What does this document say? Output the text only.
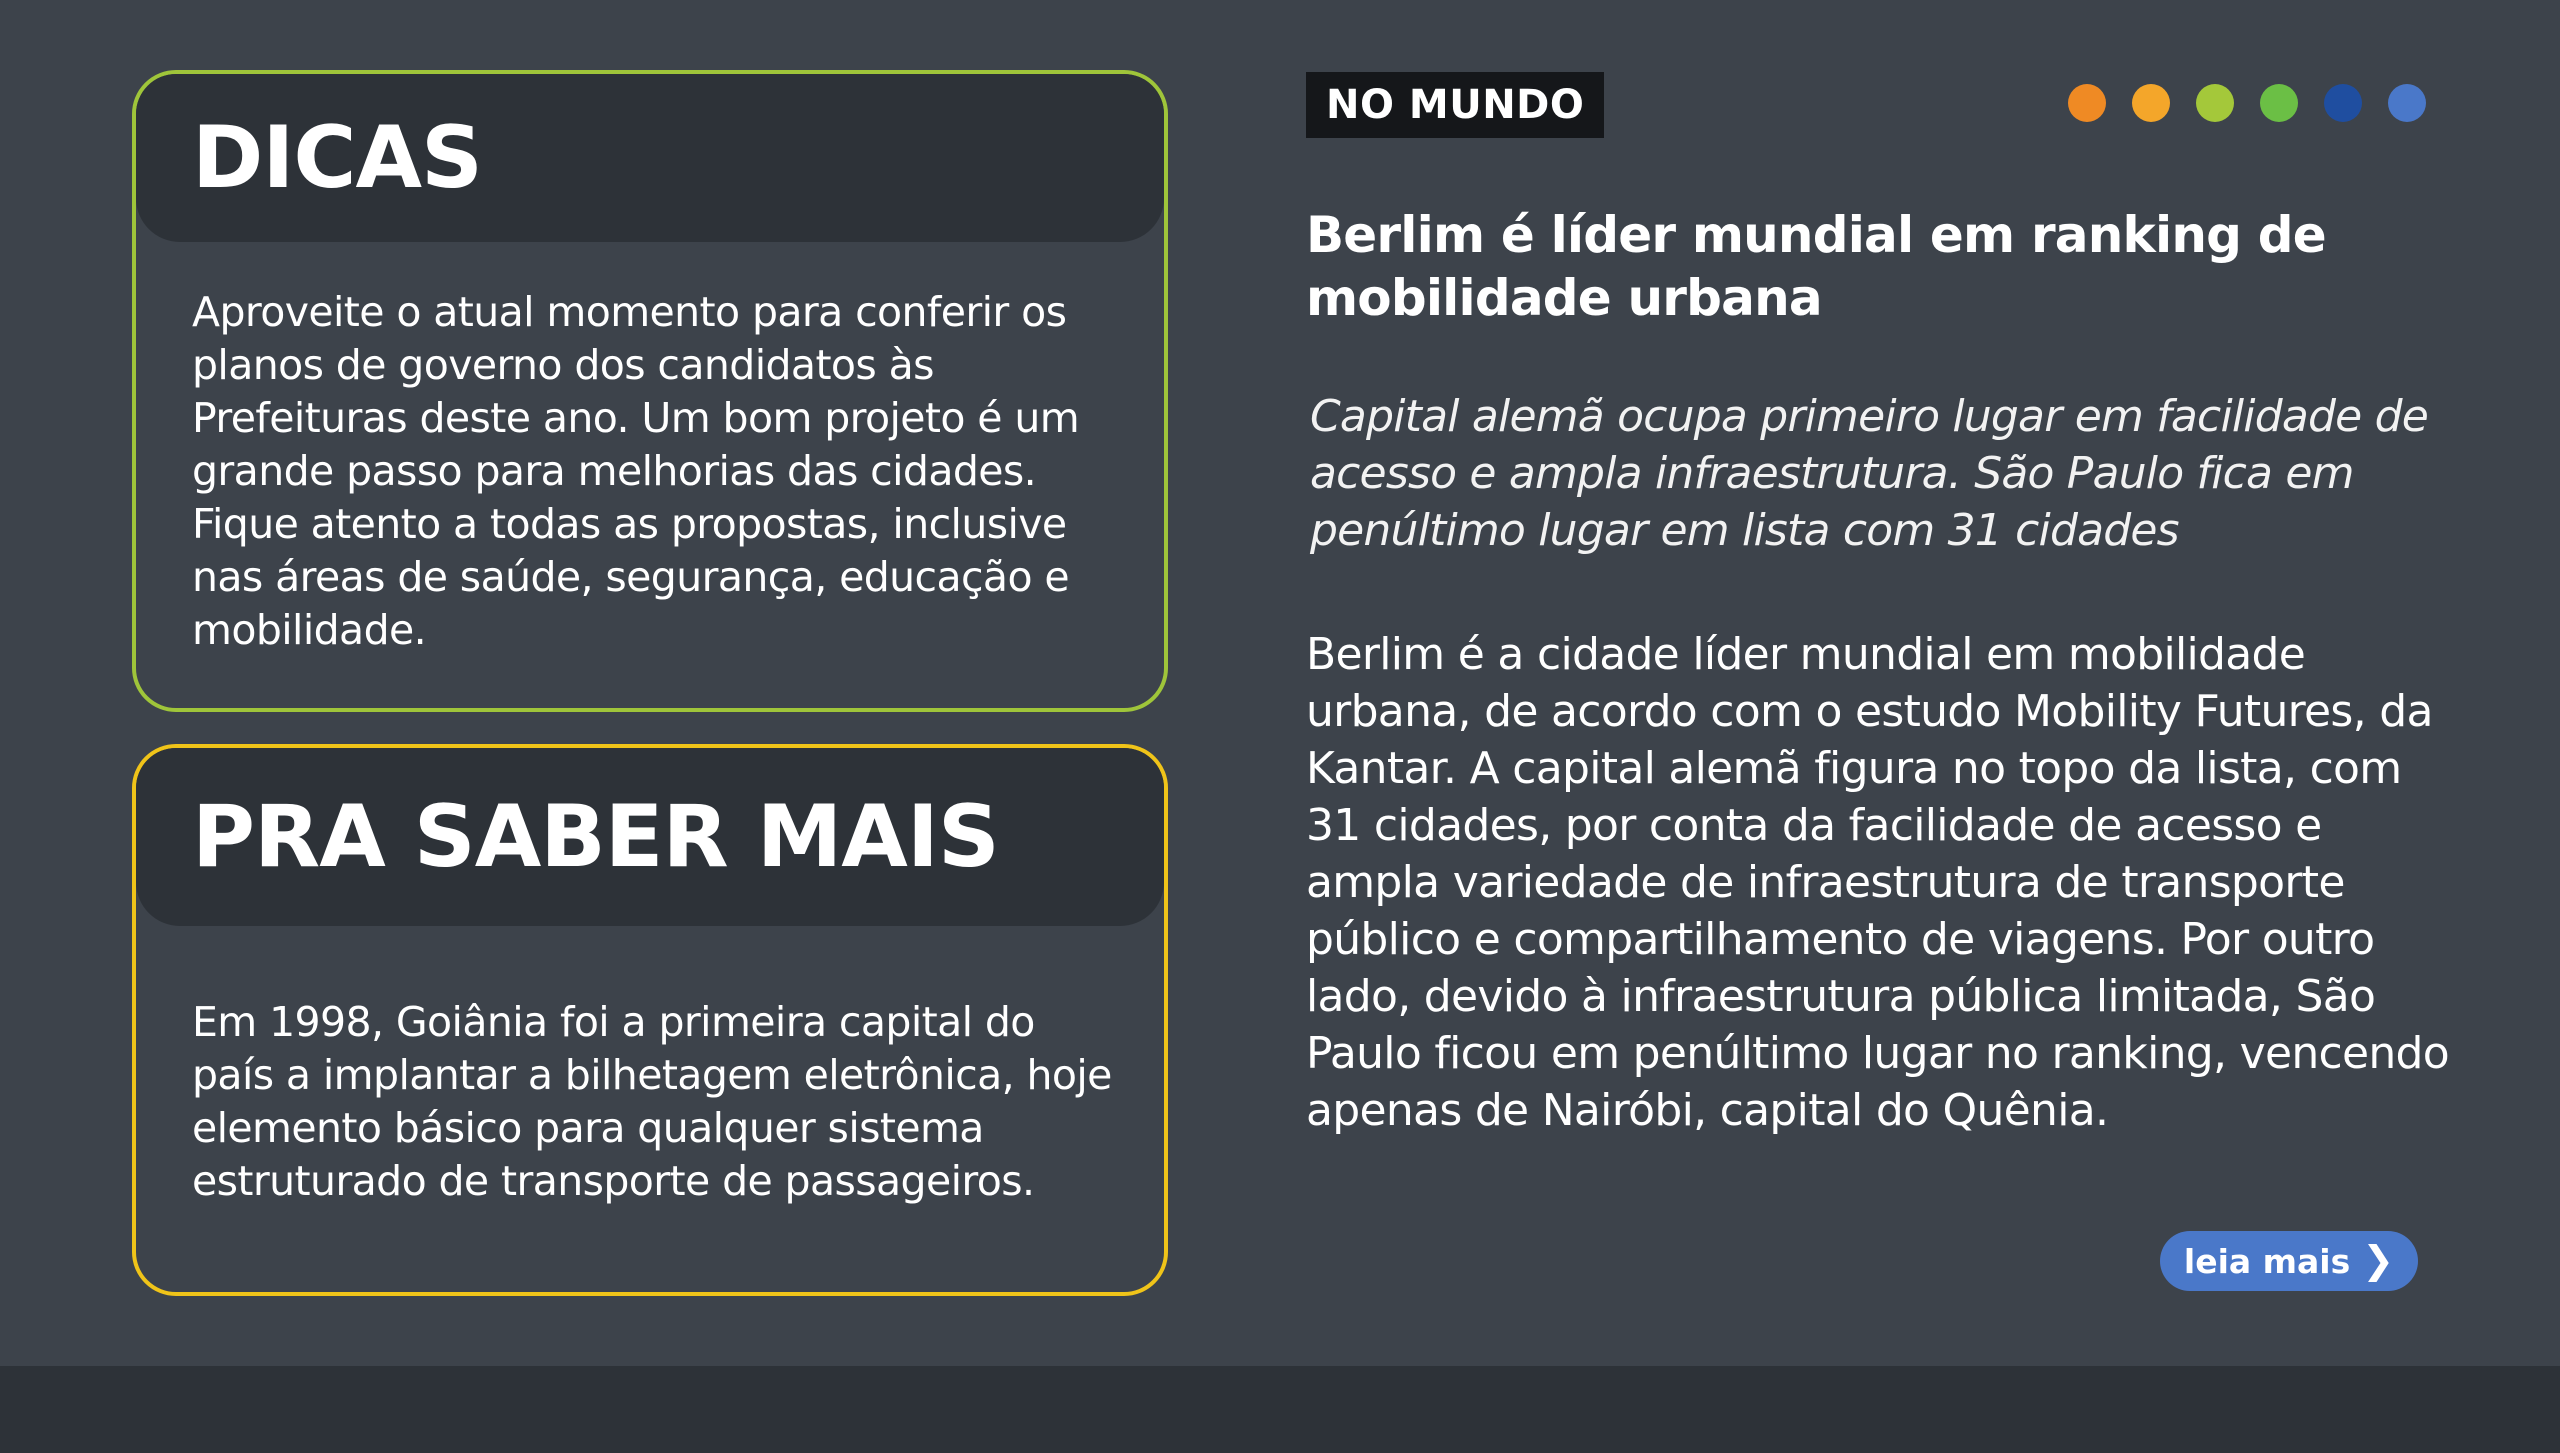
DICAS
Aproveite o atual momento para conferir os planos de governo dos candidatos às Prefeituras deste ano. Um bom projeto é um grande passo para melhorias das cidades. Fique atento a todas as propostas, inclusive nas áreas de saúde, segurança, educação e mobilidade.
PRA SABER MAIS
Em 1998, Goiânia foi a primeira capital do país a implantar a bilhetagem eletrônica, hoje elemento básico para qualquer sistema estruturado de transporte de passageiros.
NO MUNDO
Berlim é líder mundial em ranking de mobilidade urbana
Capital alemã ocupa primeiro lugar em facilidade de acesso e ampla infraestrutura. São Paulo fica em penúltimo lugar em lista com 31 cidades
Berlim é a cidade líder mundial em mobilidade urbana, de acordo com o estudo Mobility Futures, da Kantar. A capital alemã figura no topo da lista, com 31 cidades, por conta da facilidade de acesso e ampla variedade de infraestrutura de transporte público e compartilhamento de viagens. Por outro lado, devido à infraestrutura pública limitada, São Paulo ficou em penúltimo lugar no ranking, vencendo apenas de Nairóbi, capital do Quênia.
leia mais ❯
